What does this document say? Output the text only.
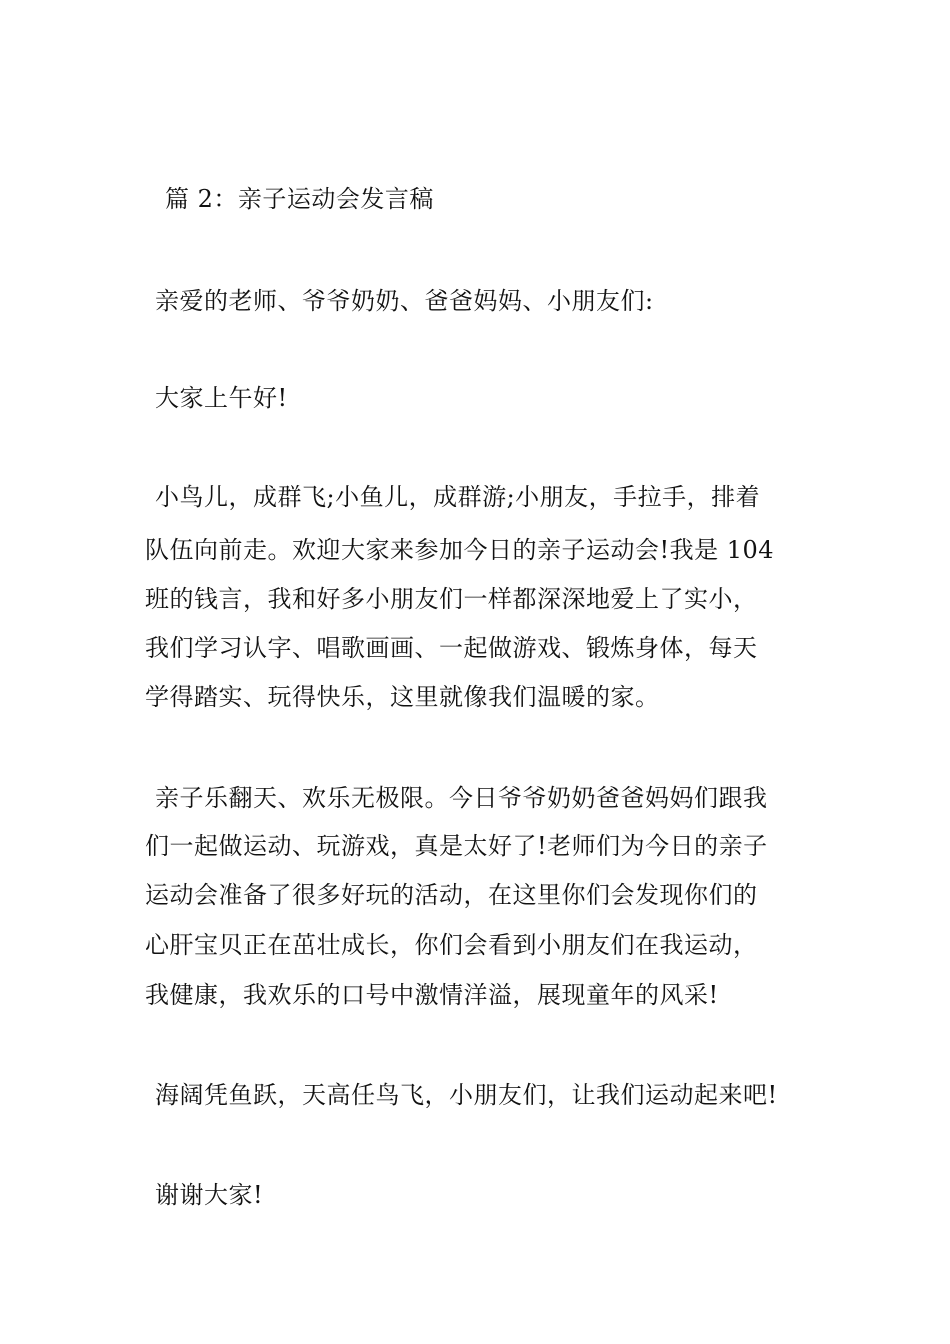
篇 2：亲子运动会发言稿
亲爱的老师、爷爷奶奶、爸爸妈妈、小朋友们:
大家上午好!
小鸟儿，成群飞;小鱼儿，成群游;小朋友，手拉手，排着
队伍向前走。欢迎大家来参加今日的亲子运动会!我是 104
班的钱言，我和好多小朋友们一样都深深地爱上了实小，
我们学习认字、唱歌画画、一起做游戏、锻炼身体，每天
学得踏实、玩得快乐，这里就像我们温暖的家。
亲子乐翻天、欢乐无极限。今日爷爷奶奶爸爸妈妈们跟我
们一起做运动、玩游戏，真是太好了!老师们为今日的亲子
运动会准备了很多好玩的活动，在这里你们会发现你们的
心肝宝贝正在茁壮成长，你们会看到小朋友们在我运动，
我健康，我欢乐的口号中激情洋溢，展现童年的风采!
海阔凭鱼跃，天高任鸟飞，小朋友们，让我们运动起来吧!
谢谢大家!
